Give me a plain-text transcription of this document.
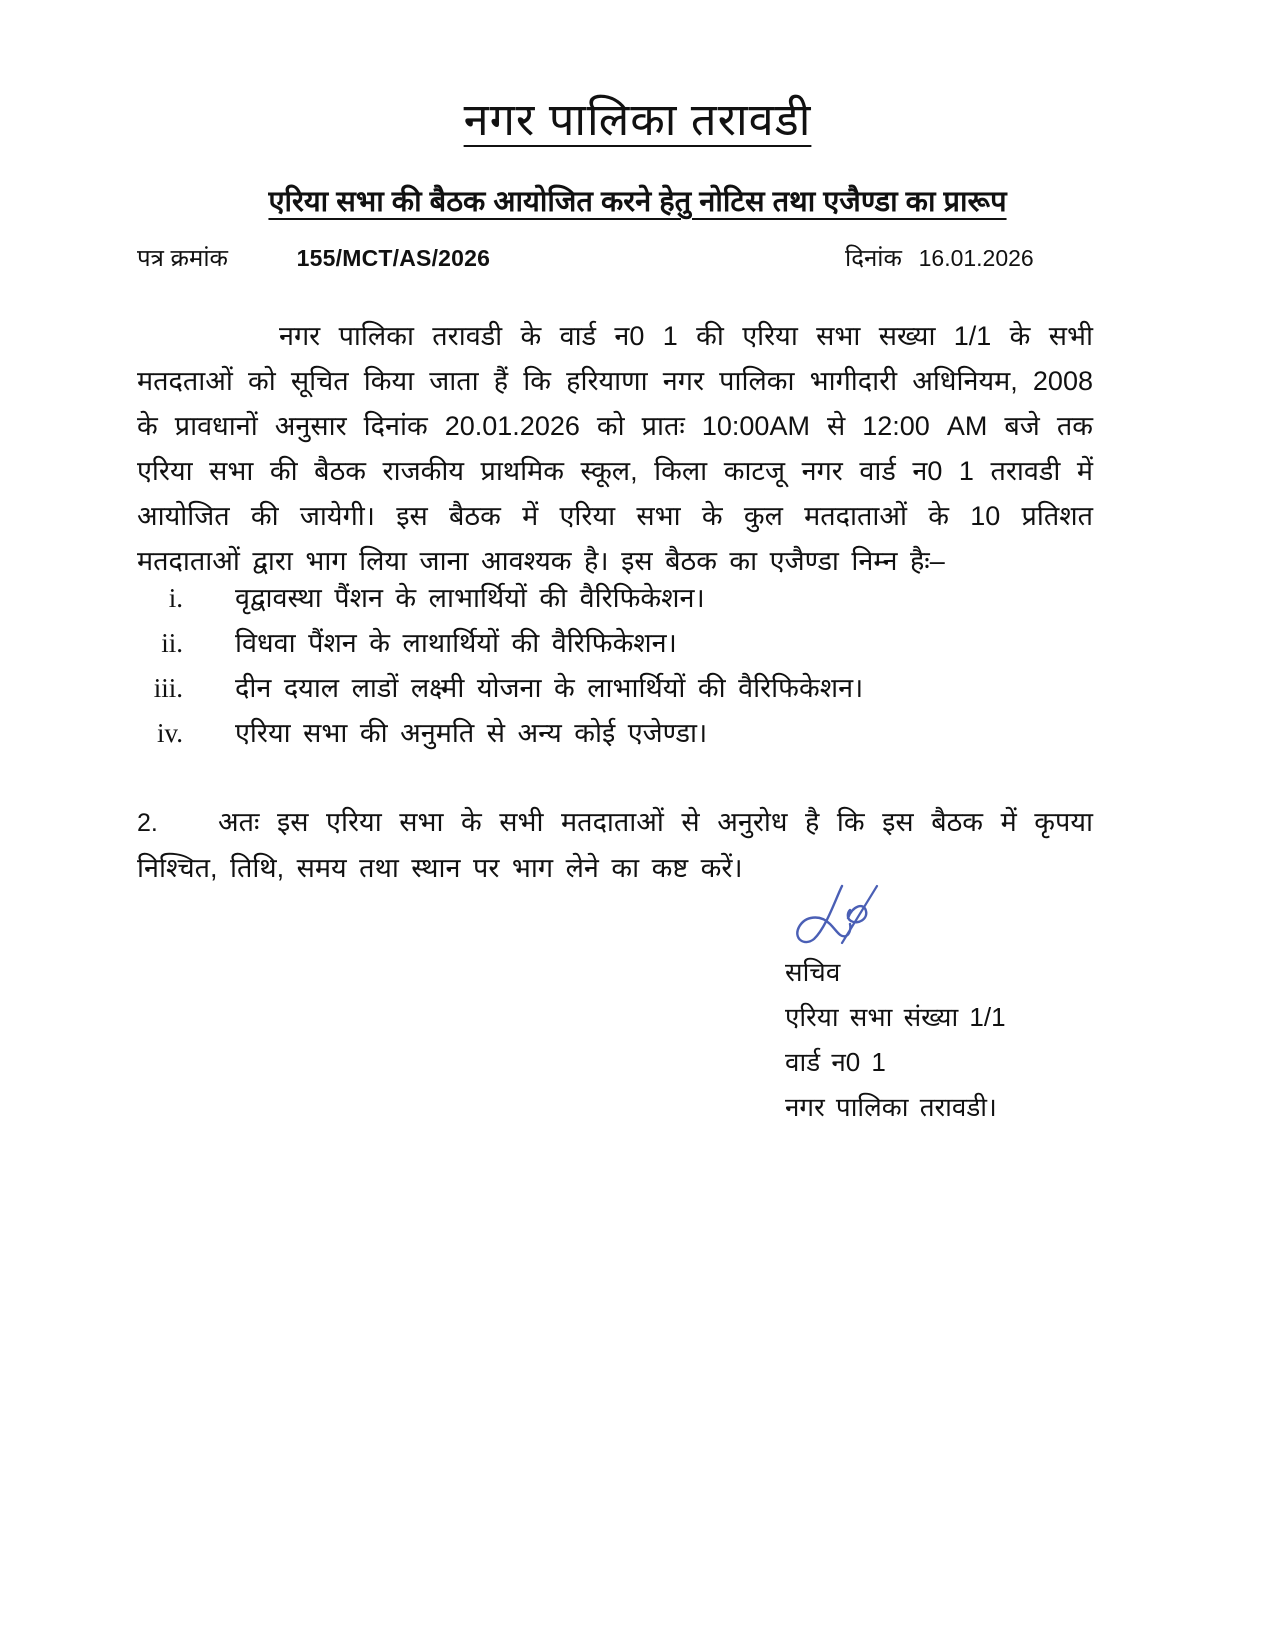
नगर पालिका तरावडी
एरिया सभा की बैठक आयोजित करने हेतु नोटिस तथा एजैण्डा का प्रारूप
पत्र क्रमांक	155/MCT/AS/2026	दिनांक 16.01.2026

नगर पालिका तरावडी के वार्ड न0 1 की एरिया सभा सख्या 1/1 के सभी मतदताओं को सूचित किया जाता हैं कि हरियाणा नगर पालिका भागीदारी अधिनियम, 2008 के प्रावधानों अनुसार दिनांक 20.01.2026 को प्रातः 10:00AM से 12:00 AM बजे तक एरिया सभा की बैठक राजकीय प्राथमिक स्कूल, किला काटजू नगर वार्ड न0 1 तरावडी में आयोजित की जायेगी। इस बैठक में एरिया सभा के कुल मतदाताओं के 10 प्रतिशत मतदाताओं द्वारा भाग लिया जाना आवश्यक है। इस बैठक का एजैण्डा निम्न हैः–

i. वृद्वावस्था पैंशन के लाभार्थियों की वैरिफिकेशन।
ii. विधवा पैंशन के लाथार्थियों की वैरिफिकेशन।
iii. दीन दयाल लाडों लक्ष्मी योजना के लाभार्थियों की वैरिफिकेशन।
iv. एरिया सभा की अनुमति से अन्य कोई एजेण्डा।

2. अतः इस एरिया सभा के सभी मतदाताओं से अनुरोध है कि इस बैठक में कृपया निश्चित, तिथि, समय तथा स्थान पर भाग लेने का कष्ट करें।

सचिव
एरिया सभा संख्या 1/1
वार्ड न0 1
नगर पालिका तरावडी।
